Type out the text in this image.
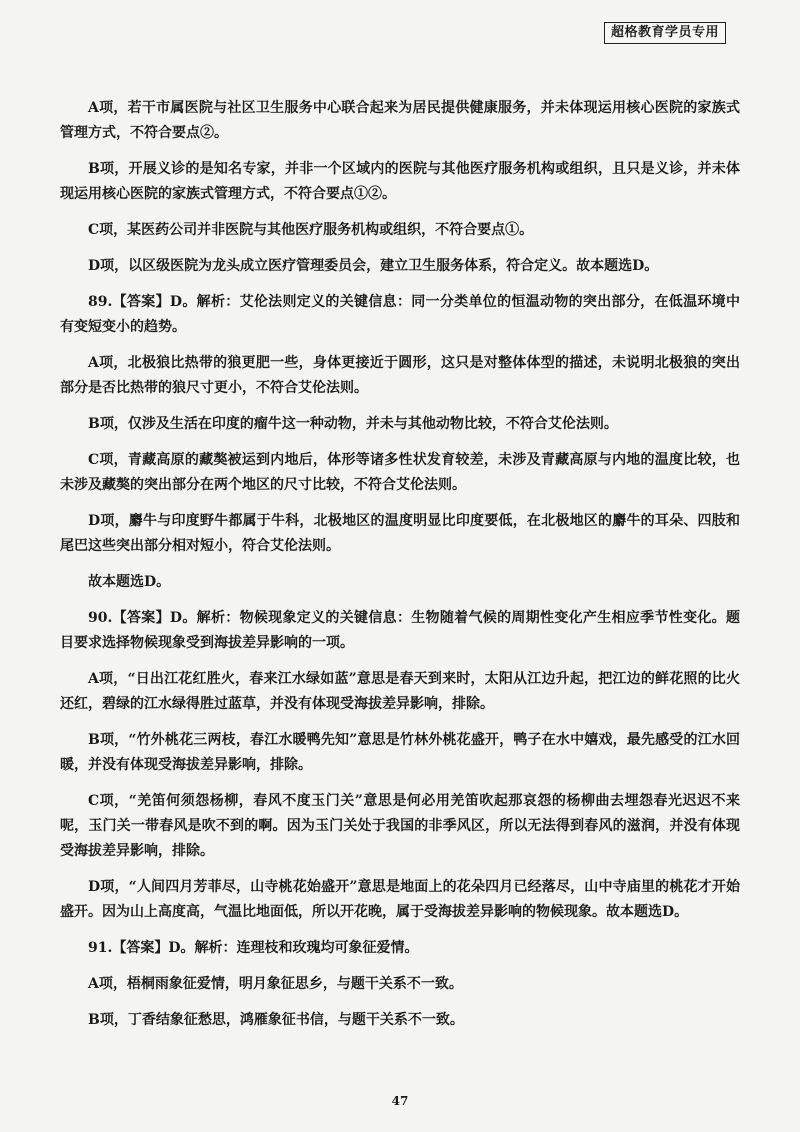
超格教育学员专用

A项，若干市属医院与社区卫生服务中心联合起来为居民提供健康服务，并未体现运用核心医院的家族式管理方式，不符合要点②。

B项，开展义诊的是知名专家，并非一个区域内的医院与其他医疗服务机构或组织，且只是义诊，并未体现运用核心医院的家族式管理方式，不符合要点①②。

C项，某医药公司并非医院与其他医疗服务机构或组织，不符合要点①。

D项，以区级医院为龙头成立医疗管理委员会，建立卫生服务体系，符合定义。故本题选D。

89.【答案】D。解析：艾伦法则定义的关键信息：同一分类单位的恒温动物的突出部分，在低温环境中有变短变小的趋势。

A项，北极狼比热带的狼更肥一些，身体更接近于圆形，这只是对整体体型的描述，未说明北极狼的突出部分是否比热带的狼尺寸更小，不符合艾伦法则。

B项，仅涉及生活在印度的瘤牛这一种动物，并未与其他动物比较，不符合艾伦法则。

C项，青藏高原的藏獒被运到内地后，体形等诸多性状发育较差，未涉及青藏高原与内地的温度比较，也未涉及藏獒的突出部分在两个地区的尺寸比较，不符合艾伦法则。

D项，麝牛与印度野牛都属于牛科，北极地区的温度明显比印度要低，在北极地区的麝牛的耳朵、四肢和尾巴这些突出部分相对短小，符合艾伦法则。

故本题选D。

90.【答案】D。解析：物候现象定义的关键信息：生物随着气候的周期性变化产生相应季节性变化。题目要求选择物候现象受到海拔差异影响的一项。

A项，“日出江花红胜火，春来江水绿如蓝”意思是春天到来时，太阳从江边升起，把江边的鲜花照的比火还红，碧绿的江水绿得胜过蓝草，并没有体现受海拔差异影响，排除。

B项，“竹外桃花三两枝，春江水暖鸭先知”意思是竹林外桃花盛开，鸭子在水中嬉戏，最先感受的江水回暖，并没有体现受海拔差异影响，排除。

C项，“羌笛何须怨杨柳，春风不度玉门关”意思是何必用羌笛吹起那哀怨的杨柳曲去埋怨春光迟迟不来呢，玉门关一带春风是吹不到的啊。因为玉门关处于我国的非季风区，所以无法得到春风的滋润，并没有体现受海拔差异影响，排除。

D项，“人间四月芳菲尽，山寺桃花始盛开”意思是地面上的花朵四月已经落尽，山中寺庙里的桃花才开始盛开。因为山上高度高，气温比地面低，所以开花晚，属于受海拔差异影响的物候现象。故本题选D。

91.【答案】D。解析：连理枝和玫瑰均可象征爱情。

A项，梧桐雨象征爱情，明月象征思乡，与题干关系不一致。

B项，丁香结象征愁思，鸿雁象征书信，与题干关系不一致。

47
